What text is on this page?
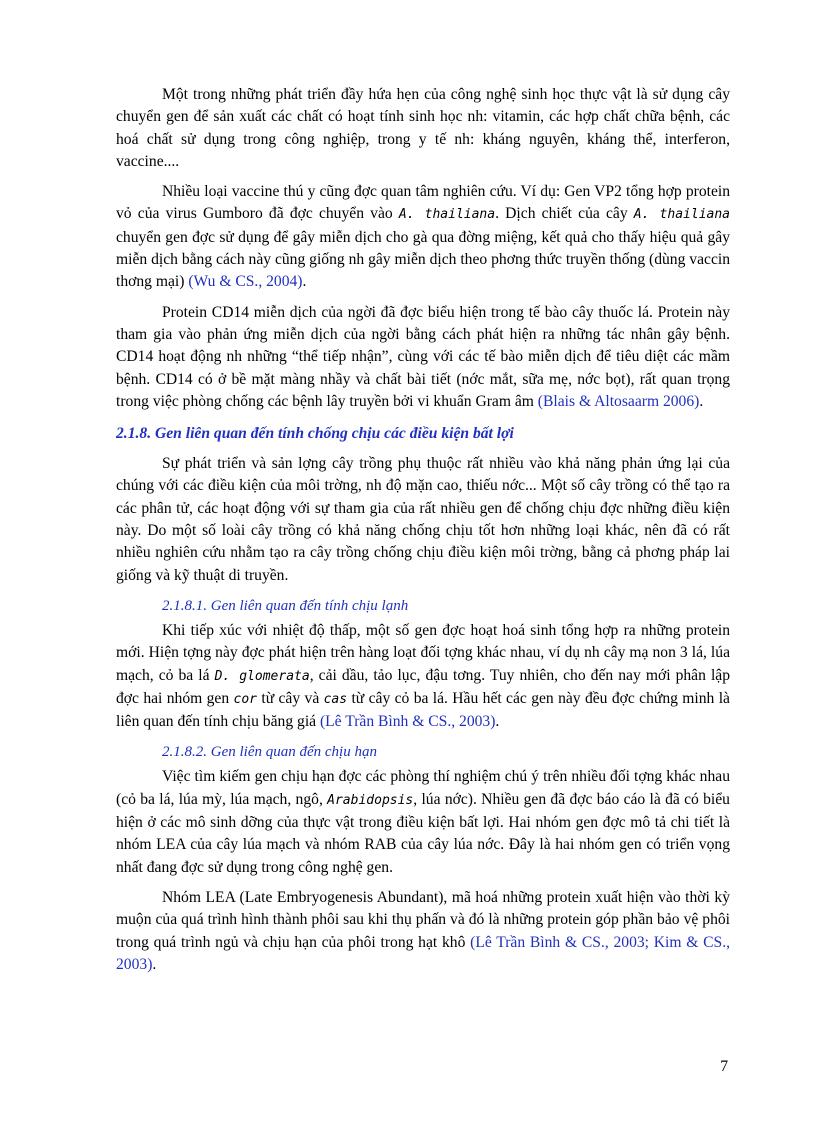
Một trong những phát triển đầy hứa hẹn của công nghệ sinh học thực vật là sử dụng cây chuyển gen để sản xuất các chất có hoạt tính sinh học nh: vitamin, các hợp chất chữa bệnh, các hoá chất sử dụng trong công nghiệp, trong y tế nh: kháng nguyên, kháng thể, interferon, vaccine....

Nhiều loại vaccine thú y cũng đợc quan tâm nghiên cứu. Ví dụ: Gen VP2 tổng hợp protein vỏ của virus Gumboro đã đợc chuyển vào A. thailiana. Dịch chiết của cây A. thailiana chuyển gen đợc sử dụng để gây miễn dịch cho gà qua đờng miệng, kết quả cho thấy hiệu quả gây miễn dịch bằng cách này cũng giống nh gây miễn dịch theo phơng thức truyền thống (dùng vaccin thơng mại) (Wu & CS., 2004).

Protein CD14 miễn dịch của ngời đã đợc biểu hiện trong tế bào cây thuốc lá. Protein này tham gia vào phản ứng miễn dịch của ngời bằng cách phát hiện ra những tác nhân gây bệnh. CD14 hoạt động nh những “thể tiếp nhận”, cùng với các tế bào miễn dịch để tiêu diệt các mầm bệnh. CD14 có ở bề mặt màng nhầy và chất bài tiết (nớc mắt, sữa mẹ, nớc bọt), rất quan trọng trong việc phòng chống các bệnh lây truyền bởi vi khuẩn Gram âm (Blais & Altosaarm 2006).

2.1.8. Gen liên quan đến tính chống chịu các điều kiện bất lợi

Sự phát triển và sản lợng cây trồng phụ thuộc rất nhiều vào khả năng phản ứng lại của chúng với các điều kiện của môi trờng, nh độ mặn cao, thiếu nớc... Một số cây trồng có thể tạo ra các phân tử, các hoạt động với sự tham gia của rất nhiều gen để chống chịu đợc những điều kiện này. Do một số loài cây trồng có khả năng chống chịu tốt hơn những loại khác, nên đã có rất nhiều nghiên cứu nhằm tạo ra cây trồng chống chịu điều kiện môi trờng, bằng cả phơng pháp lai giống và kỹ thuật di truyền.

2.1.8.1. Gen liên quan đến tính chịu lạnh

Khi tiếp xúc với nhiệt độ thấp, một số gen đợc hoạt hoá sinh tổng hợp ra những protein mới. Hiện tợng này đợc phát hiện trên hàng loạt đối tợng khác nhau, ví dụ nh cây mạ non 3 lá, lúa mạch, cỏ ba lá D. glomerata, cải dầu, tảo lục, đậu tơng. Tuy nhiên, cho đến nay mới phân lập đợc hai nhóm gen cor từ cây và cas từ cây cỏ ba lá. Hầu hết các gen này đều đợc chứng minh là liên quan đến tính chịu băng giá (Lê Trần Bình & CS., 2003).

2.1.8.2. Gen liên quan đến chịu hạn

Việc tìm kiếm gen chịu hạn đợc các phòng thí nghiệm chú ý trên nhiều đối tợng khác nhau (cỏ ba lá, lúa mỳ, lúa mạch, ngô, Arabidopsis, lúa nớc). Nhiều gen đã đợc báo cáo là đã có biểu hiện ở các mô sinh dỡng của thực vật trong điều kiện bất lợi. Hai nhóm gen đợc mô tả chi tiết là nhóm LEA của cây lúa mạch và nhóm RAB của cây lúa nớc. Đây là hai nhóm gen có triển vọng nhất đang đợc sử dụng trong công nghệ gen.

Nhóm LEA (Late Embryogenesis Abundant), mã hoá những protein xuất hiện vào thời kỳ muộn của quá trình hình thành phôi sau khi thụ phấn và đó là những protein góp phần bảo vệ phôi trong quá trình ngủ và chịu hạn của phôi trong hạt khô (Lê Trần Bình & CS., 2003; Kim & CS., 2003).

7
